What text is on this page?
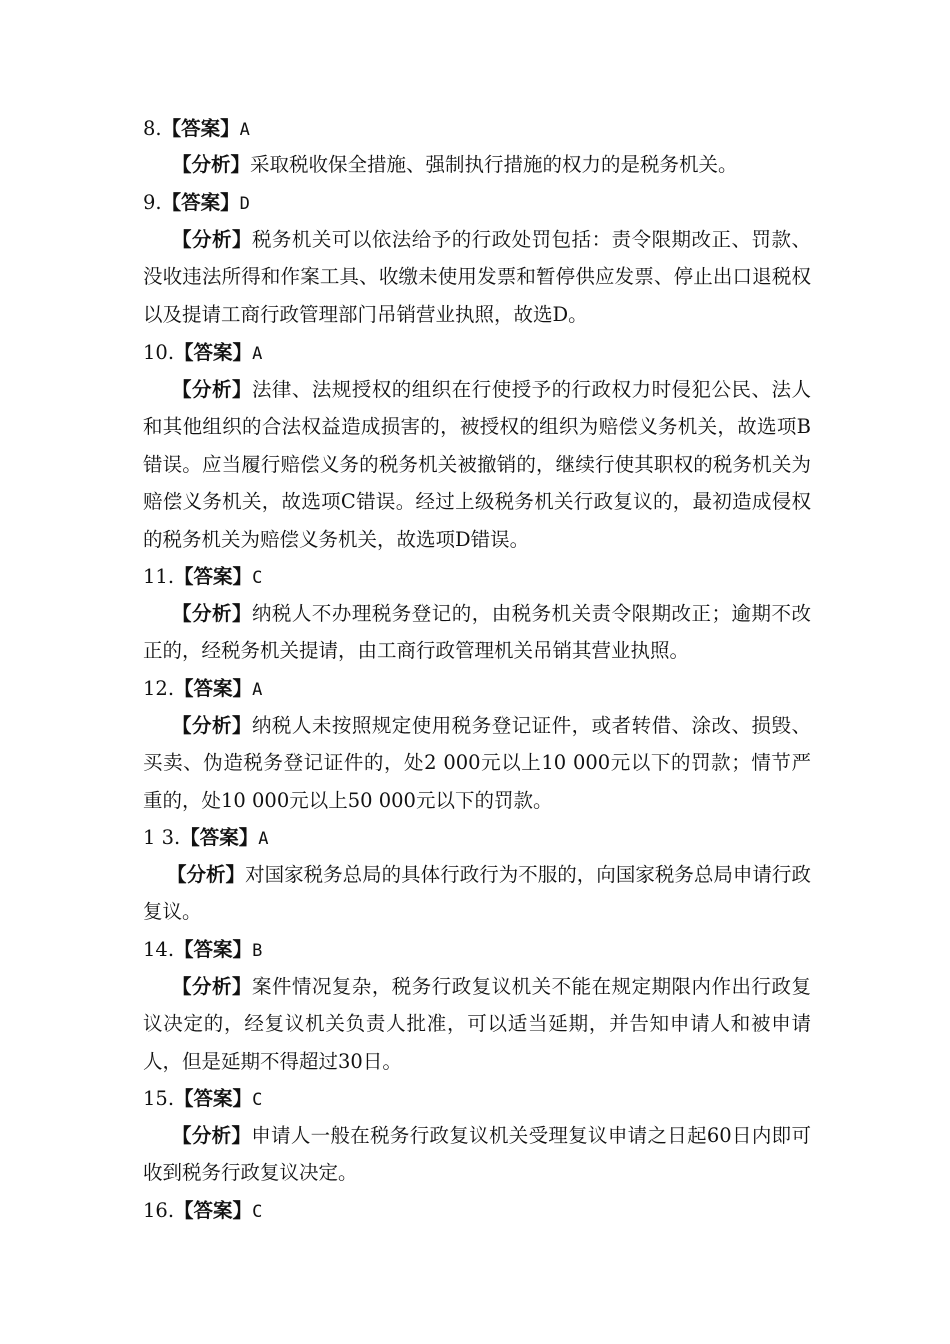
8. 【 答案 】 A
【 分析 】 采取税收保全措施、强制执行措施的权力的是税务机关。
9. 【 答案 】 D
【 分析 】 税务机关可以依法给予的行政处罚包括：责令限期改正、罚款、没收违法所得和作案工具、收缴未使用发票和暂停供应发票、停止出口退税权以及提请工商行政管理部门吊销营业执照，故选D。
10. 【 答案 】 A
【 分析 】 法律、法规授权的组织在行使授予的行政权力时侵犯公民、法人和其他组织的合法权益造成损害的，被授权的组织为赔偿义务机关，故选项B错误。应当履行赔偿义务的税务机关被撤销的，继续行使其职权的税务机关为赔偿义务机关，故选项C错误。经过上级税务机关行政复议的，最初造成侵权的税务机关为赔偿义务机关，故选项D错误。
11. 【 答案 】 C
【 分析 】 纳税人不办理税务登记的，由税务机关责令限期改正；逾期不改正的，经税务机关提请，由工商行政管理机关吊销其营业执照。
12. 【 答案 】 A
【 分析 】 纳税人未按照规定使用税务登记证件，或者转借、涂改、损毁、买卖、伪造税务登记证件的，处2 000元以上10 000元以下的罚款；情节严重的，处10 000元以上50 000元以下的罚款。
1 3. 【 答案 】 A
【 分析 】 对国家税务总局的具体行政行为不服的，向国家税务总局申请行政复议。
14. 【 答案 】 B
【 分析 】 案件情况复杂，税务行政复议机关不能在规定期限内作出行政复议决定的，经复议机关负责人批准，可以适当延期，并告知申请人和被申请人，但是延期不得超过30日。
15. 【 答案 】 C
【 分析 】 申请人一般在税务行政复议机关受理复议申请之日起60日内即可收到税务行政复议决定。
16. 【 答案 】 C
